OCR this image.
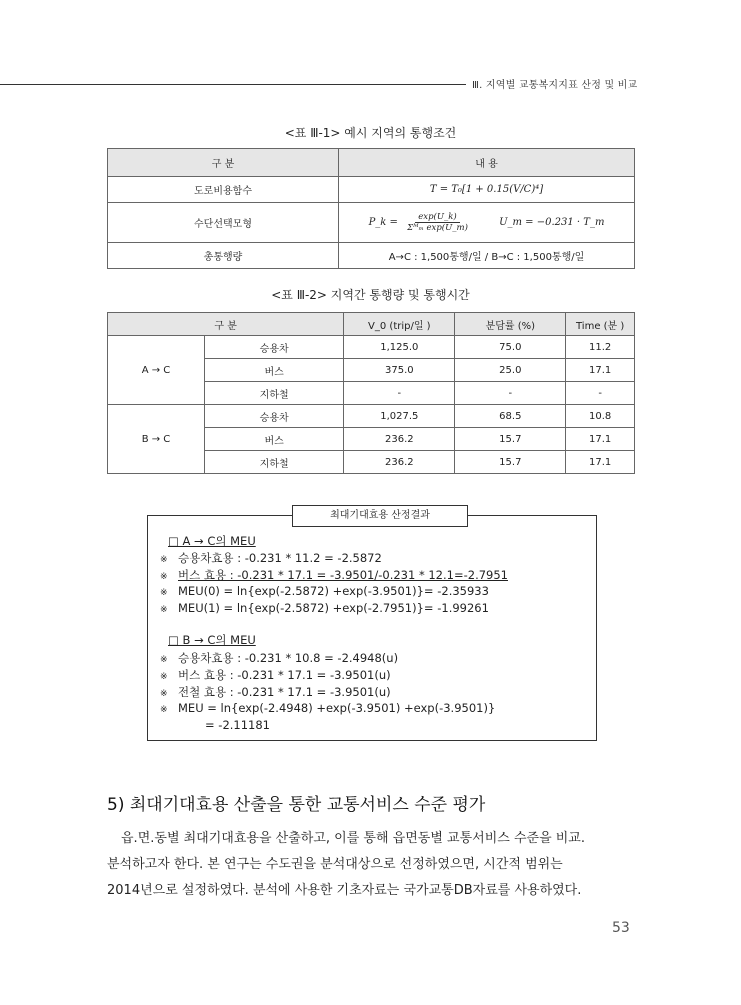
Ⅲ. 지역별 교통복지지표 산정 및 비교
<표 Ⅲ-1> 예시 지역의 통행조건
구 분	내 용
도로비용함수	T = T₀[1 + 0.15(V/C)⁴]
수단선택모형	P_k = $\frac{\exp(U\_k)}{\text{Σᴹₘ exp(U\_m)}}$ U_m = −0.231 · T_m
총통행량	A→C : 1,500통행/일 / B→C : 1,500통행/일
<표 Ⅲ-2> 지역간 통행량 및 통행시간
구 분		V_0 (trip/일 )	분담률 (%)	Time (분 )
A → C	승용차	1,125.0	75.0	11.2
	버스	375.0	25.0	17.1
	지하철	-	-	-
B → C	승용차	1,027.5	68.5	10.8
	버스	236.2	15.7	17.1
	지하철	236.2	15.7	17.1
최대기대효용 산정결과
□ A → C의 MEU
※ 승용차효용 : -0.231 * 11.2 = -2.5872
※ 버스 효용 : -0.231 * 17.1 = -3.9501/-0.231 * 12.1=-2.7951
※ MEU(0) = ln{exp(-2.5872) +exp(-3.9501)}= -2.35933
※ MEU(1) = ln{exp(-2.5872) +exp(-2.7951)}= -1.99261
□ B → C의 MEU
※ 승용차효용 : -0.231 * 10.8 = -2.4948(u)
※ 버스 효용 : -0.231 * 17.1 = -3.9501(u)
※ 전철 효용 : -0.231 * 17.1 = -3.9501(u)
※ MEU = ln{exp(-2.4948) +exp(-3.9501) +exp(-3.9501)}
= -2.11181
5) 최대기대효용 산출을 통한 교통서비스 수준 평가
읍.면.동별 최대기대효용을 산출하고, 이를 통해 읍면동별 교통서비스 수준을 비교.
분석하고자 한다. 본 연구는 수도권을 분석대상으로 선정하였으면, 시간적 범위는
2014년으로 설정하였다. 분석에 사용한 기초자료는 국가교통DB자료를 사용하였다.
53
